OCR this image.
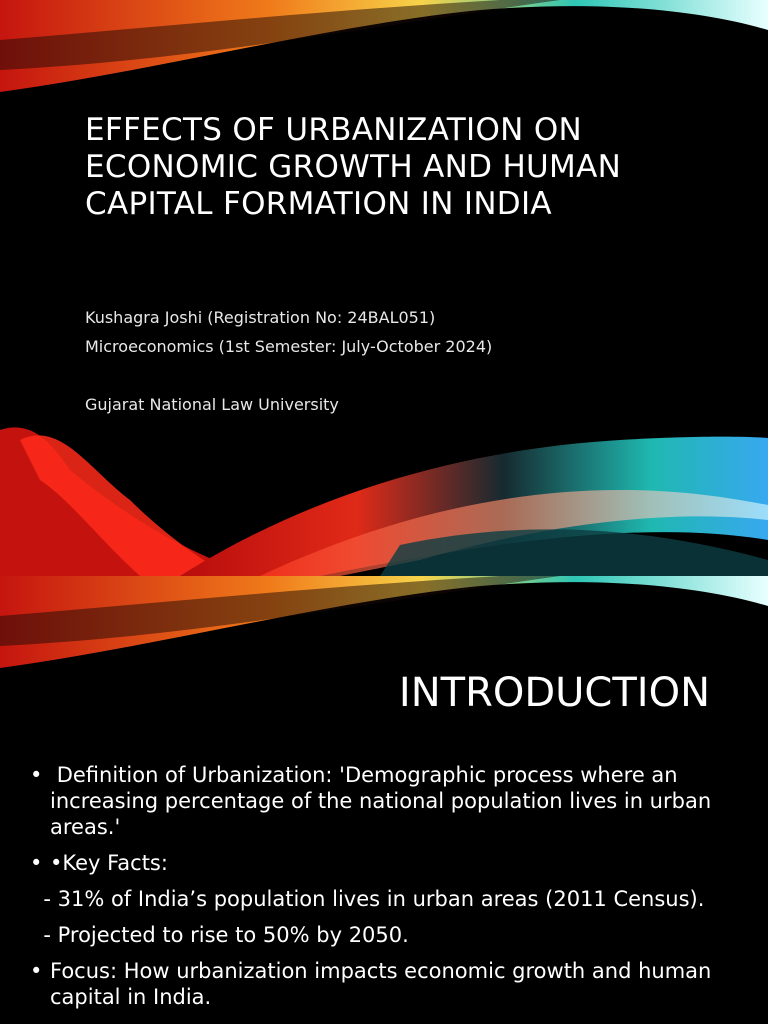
EFFECTS OF URBANIZATION ON ECONOMIC GROWTH AND HUMAN CAPITAL FORMATION IN INDIA

Kushagra Joshi (Registration No: 24BAL051)

Microeconomics (1st Semester: July-October 2024)

Gujarat National Law University

INTRODUCTION
• Definition of Urbanization: 'Demographic process where an increasing percentage of the national population lives in urban areas.'
• •Key Facts:

- 31% of India’s population lives in urban areas (2011 Census).

- Projected to rise to 50% by 2050.

• Focus: How urbanization impacts economic growth and human capital in India.
